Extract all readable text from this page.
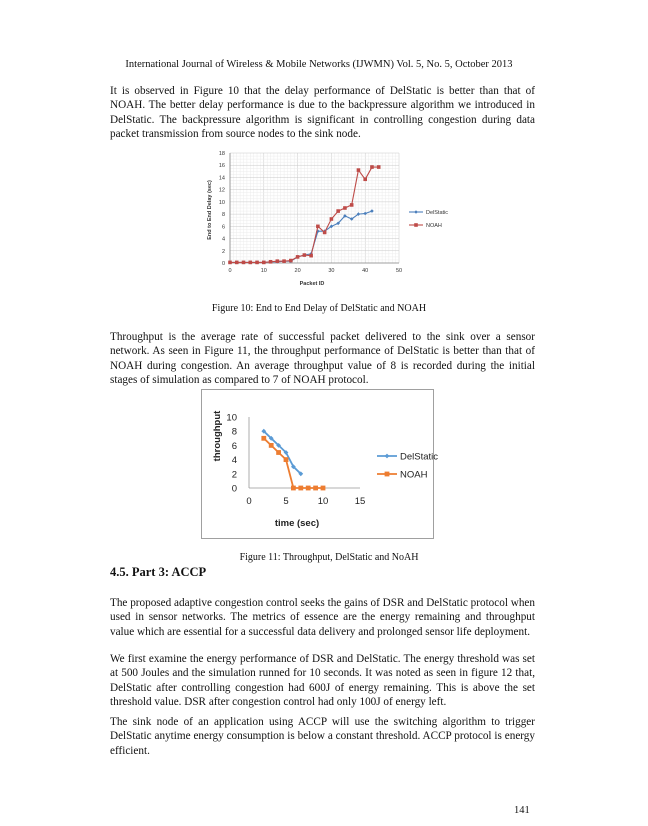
International Journal of Wireless & Mobile Networks (IJWMN) Vol. 5, No. 5, October 2013

It is observed in Figure 10 that the delay performance of DelStatic is better than that of NOAH. The better delay performance is due to the backpressure algorithm we introduced in DelStatic. The backpressure algorithm is significant in controlling congestion during data packet transmission from source nodes to the sink node.

0	10	20	30	40	50
0
2
4
6
8
10
12
14
16
18
DelStatic
NOAH
Packet ID
End to End Delay (sec)
Figure 10: End to End Delay of DelStatic and NOAH

Throughput is the average rate of successful packet delivered to the sink over a sensor network. As seen in Figure 11, the throughput performance of DelStatic is better than that of NOAH during congestion. An average throughput value of 8 is recorded during the initial stages of simulation as compared to 7 of NOAH protocol.

0	5	10	15
0
2
4
6
8
10
DelStatic
NOAH
time (sec)
throughput
Figure 11: Throughput, DelStatic and NoAH
4.5. Part 3: ACCP

The proposed adaptive congestion control seeks the gains of DSR and DelStatic protocol when used in sensor networks. The metrics of essence are the energy remaining and throughput value which are essential for a successful data delivery and prolonged sensor life deployment.

We first examine the energy performance of DSR and DelStatic. The energy threshold was set at 500 Joules and the simulation runned for 10 seconds. It was noted as seen in figure 12 that, DelStatic after controlling congestion had 600J of energy remaining. This is above the set threshold value. DSR after congestion control had only 100J of energy left.

The sink node of an application using ACCP will use the switching algorithm to trigger DelStatic anytime energy consumption is below a constant threshold. ACCP protocol is energy efficient.

141
